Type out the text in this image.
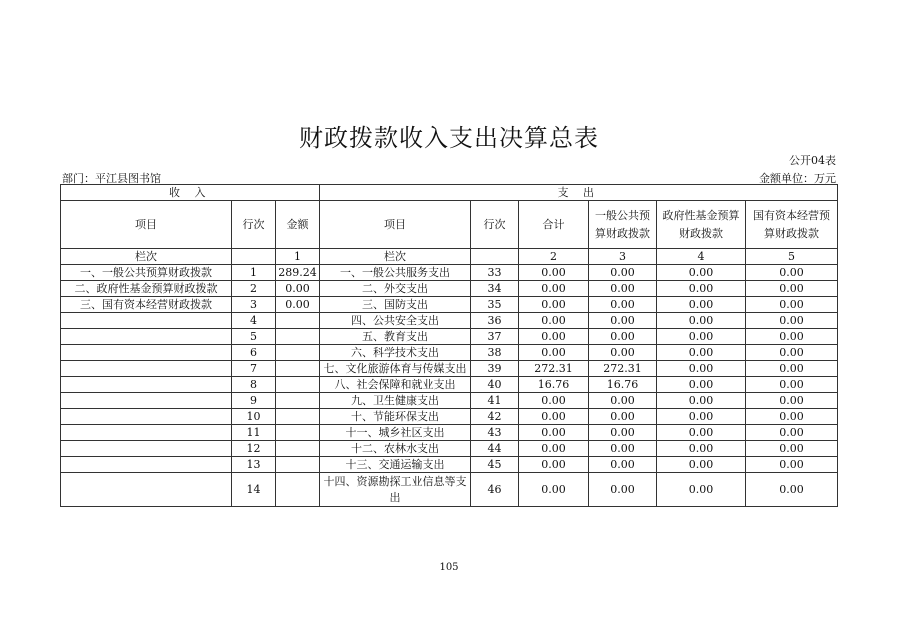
财政拨款收入支出决算总表
公开04表
部门：平江县图书馆	金额单位：万元
收 入			支 出					
项目	行次	金额	项目	行次	合计	一般公共预算财政拨款	政府性基金预算财政拨款	国有资本经营预算财政拨款
栏次		1	栏次		2	3	4	5
一、一般公共预算财政拨款	1	289.24	一、一般公共服务支出	33	0.00	0.00	0.00	0.00
二、政府性基金预算财政拨款	2	0.00	二、外交支出	34	0.00	0.00	0.00	0.00
三、国有资本经营财政拨款	3	0.00	三、国防支出	35	0.00	0.00	0.00	0.00
	4		四、公共安全支出	36	0.00	0.00	0.00	0.00
	5		五、教育支出	37	0.00	0.00	0.00	0.00
	6		六、科学技术支出	38	0.00	0.00	0.00	0.00
	7		七、文化旅游体育与传媒支出	39	272.31	272.31	0.00	0.00
	8		八、社会保障和就业支出	40	16.76	16.76	0.00	0.00
	9		九、卫生健康支出	41	0.00	0.00	0.00	0.00
	10		十、节能环保支出	42	0.00	0.00	0.00	0.00
	11		十一、城乡社区支出	43	0.00	0.00	0.00	0.00
	12		十二、农林水支出	44	0.00	0.00	0.00	0.00
	13		十三、交通运输支出	45	0.00	0.00	0.00	0.00
	14		十四、资源勘探工业信息等支出	46	0.00	0.00	0.00	0.00
105
